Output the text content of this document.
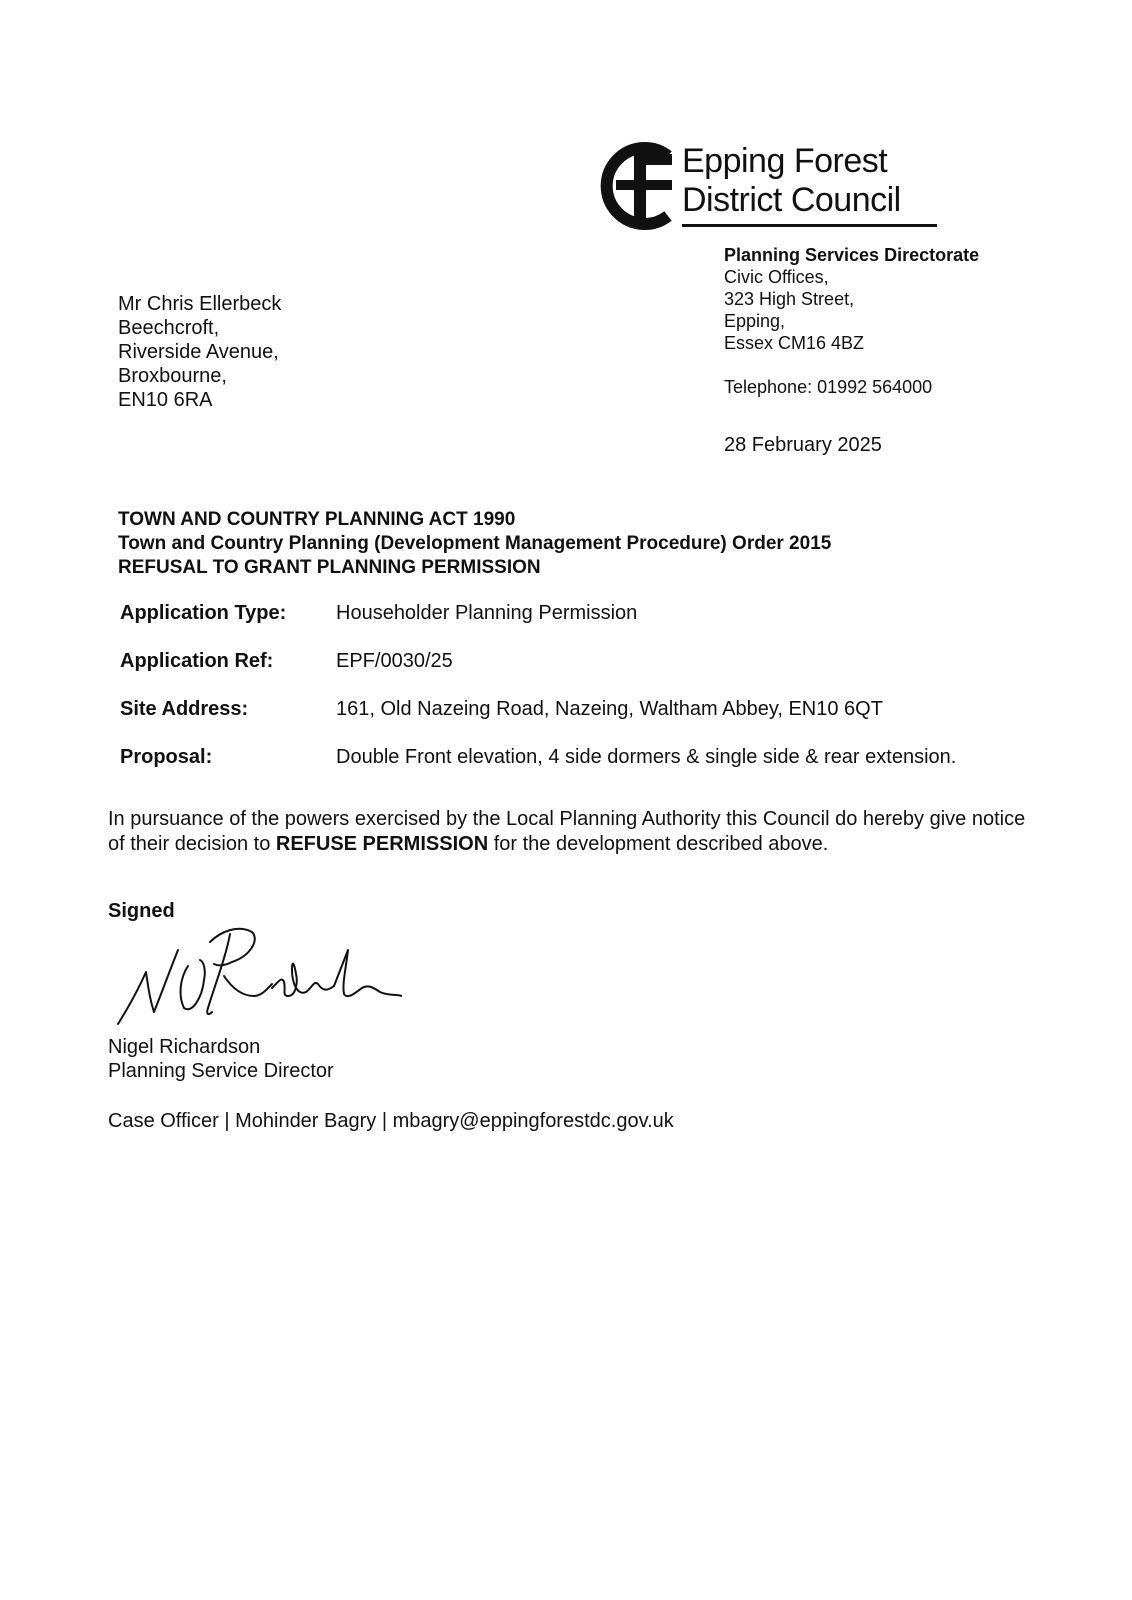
Epping Forest
District Council
Planning Services Directorate
Civic Offices,
323 High Street,
Epping,
Essex CM16 4BZ
Telephone: 01992 564000
28 February 2025
Mr Chris Ellerbeck
Beechcroft,
Riverside Avenue,
Broxbourne,
EN10 6RA
TOWN AND COUNTRY PLANNING ACT 1990
Town and Country Planning (Development Management Procedure) Order 2015
REFUSAL TO GRANT PLANNING PERMISSION
Application Type:	Householder Planning Permission
Application Ref:	EPF/0030/25
Site Address:	161, Old Nazeing Road, Nazeing, Waltham Abbey, EN10 6QT
Proposal:	Double Front elevation, 4 side dormers & single side & rear extension.
In pursuance of the powers exercised by the Local Planning Authority this Council do hereby give notice of their decision to REFUSE PERMISSION for the development described above.
Signed
Nigel Richardson
Planning Service Director
Case Officer | Mohinder Bagry | mbagry@eppingforestdc.gov.uk
